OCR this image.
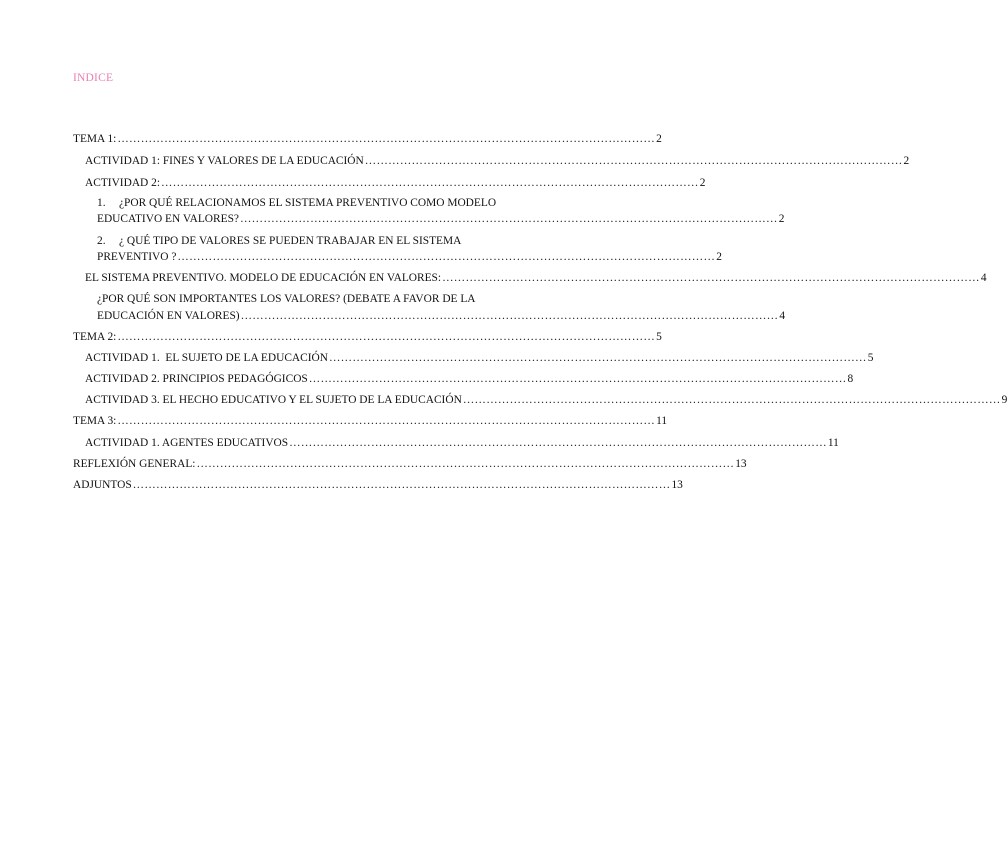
INDICE
TEMA 1: ………………………………………………………………………………………………………………………… 2
ACTIVIDAD 1: FINES Y VALORES DE LA EDUCACIÓN ………………………………………………………………………………………………………………………… 2
ACTIVIDAD 2: ………………………………………………………………………………………………………………………… 2
1. ¿POR QUÉ RELACIONAMOS EL SISTEMA PREVENTIVO COMO MODELO
EDUCATIVO EN VALORES? ………………………………………………………………………………………………………………………… 2
2. ¿ QUÉ TIPO DE VALORES SE PUEDEN TRABAJAR EN EL SISTEMA
PREVENTIVO ? ………………………………………………………………………………………………………………………… 2
EL SISTEMA PREVENTIVO. MODELO DE EDUCACIÓN EN VALORES: ………………………………………………………………………………………………………………………… 4
¿POR QUÉ SON IMPORTANTES LOS VALORES? (DEBATE A FAVOR DE LA
EDUCACIÓN EN VALORES) ………………………………………………………………………………………………………………………… 4
TEMA 2: ………………………………………………………………………………………………………………………… 5
ACTIVIDAD 1.  EL SUJETO DE LA EDUCACIÓN ………………………………………………………………………………………………………………………… 5
ACTIVIDAD 2. PRINCIPIOS PEDAGÓGICOS ………………………………………………………………………………………………………………………… 8
ACTIVIDAD 3. EL HECHO EDUCATIVO Y EL SUJETO DE LA EDUCACIÓN ………………………………………………………………………………………………………………………… 9
TEMA 3: ………………………………………………………………………………………………………………………… 11
ACTIVIDAD 1. AGENTES EDUCATIVOS ………………………………………………………………………………………………………………………… 11
REFLEXIÓN GENERAL: ………………………………………………………………………………………………………………………… 13
ADJUNTOS ………………………………………………………………………………………………………………………… 13
